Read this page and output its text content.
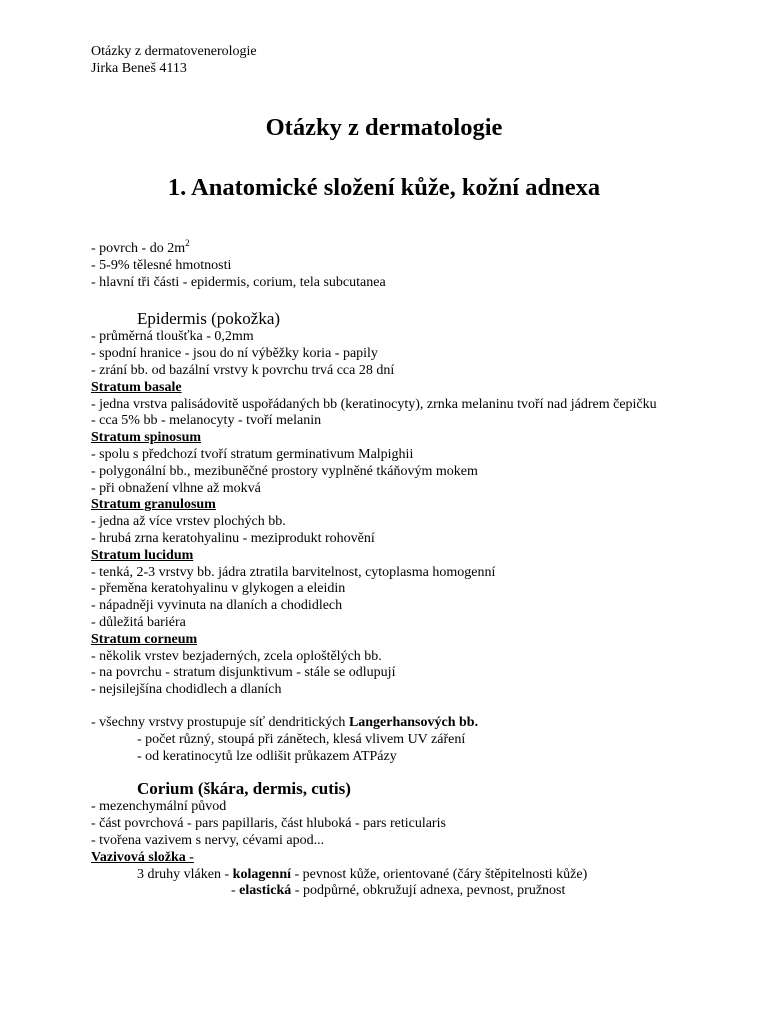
Otázky z dermatovenerologie
Jirka Beneš 4113
Otázky z dermatologie
1. Anatomické složení kůže, kožní adnexa
- povrch - do $2m^2$
- 5-9% tělesné hmotnosti
- hlavní tři části - epidermis, corium, tela subcutanea
Epidermis (pokožka)
- průměrná tloušťka - 0,2mm
- spodní hranice - jsou do ní výběžky koria - papily
- zrání bb. od bazální vrstvy k povrchu trvá cca 28 dní
Stratum basale
- jedna vrstva palisádovitě uspořádaných bb (keratinocyty), zrnka melaninu tvoří nad jádrem čepičku
- cca 5% bb - melanocyty - tvoří melanin
Stratum spinosum
- spolu s předchozí tvoří stratum germinativum Malpighii
- polygonální bb., mezibuněčné prostory vyplněné tkáňovým mokem
- při obnažení vlhne až mokvá
Stratum granulosum
- jedna až více vrstev plochých bb.
- hrubá zrna keratohyalinu - meziprodukt rohovění
Stratum lucidum
- tenká, 2-3 vrstvy bb. jádra ztratila barvitelnost, cytoplasma homogenní
- přeměna keratohyalinu v glykogen a eleidin
- nápadněji vyvinuta na dlaních a chodidlech
- důležitá bariéra
Stratum corneum
- několik vrstev bezjaderných, zcela oploštělých bb.
- na povrchu - stratum disjunktivum - stále se odlupují
- nejsilejšína chodidlech a dlaních
- všechny vrstvy prostupuje síť dendritických Langerhansových bb.
- počet různý, stoupá při zánětech, klesá vlivem UV záření
- od keratinocytů lze odlišit průkazem ATPázy
Corium (škára, dermis, cutis)
- mezenchymální původ
- část povrchová - pars papillaris, část hluboká - pars reticularis
- tvořena vazivem s nervy, cévami apod...
Vazivová složka -
3 druhy vláken - kolagenní - pevnost kůže, orientované (čáry štěpitelnosti kůže)
- elastická - podpůrné, obkružují adnexa, pevnost, pružnost
